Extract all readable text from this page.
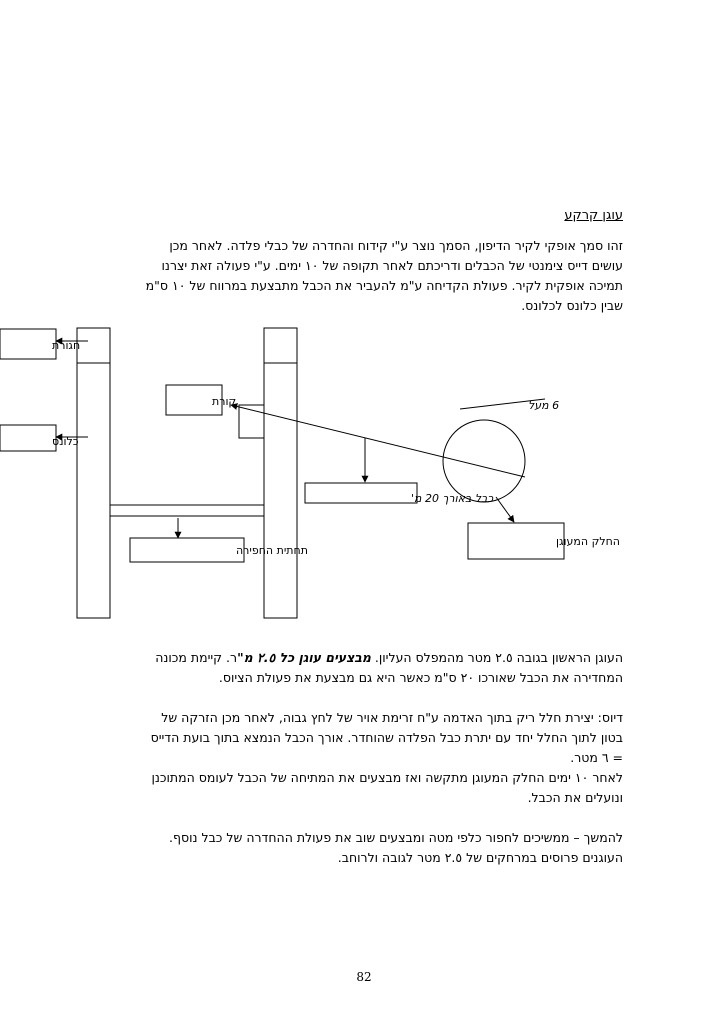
עוגן קרקע
זהו סמך אופקי לקיר הדיפון, הסמך נוצר ע"י קידוח והחדרה של כבלי פלדה. לאחר מכן
עושים דייס צימנטי של הכבלים ודריכתם לאחר תקופה של ١٠ ימים. ע"י פעולה זאת יצרנו
תמיכה אופקית לקיר. פעולת הקדיחה ע"מ להעביר את הכבל מתבצעת במרווח של ١٠ ס"מ
שבין כלונס לכלונס.
חגורת
כלונס
קורת
כבל באורך 20 מ'
תחתית החפירה
החלק המעוגן
6 מעל
העוגן הראשון בגובה ٢.٥ מטר מהמפלס העליון. מבצעים עוגן כל ٢.٥ מ"ר. קיימת מכונה
המחדירה את הכבל שאורכו ٢٠ ס"מ כאשר היא גם מבצעת את פעולת הציוס.
דיוס: יצירת חלל ריק בתוך האדמה ע"ח זרימת אויר של לחץ גבוה, לאחר מכן הזרקה של
בטון לתוך החלל יחד עם יתרת כבל הפלדה שהוחדר. אורך הכבל הנמצא בתוך בועת הדייס
= ٦ מטר.
לאחר ١٠ ימים החלק המעוגן מתקשה ואז מבצעים את המתיחה של הכבל לעומס המתוכנן
ונועלים את הכבל.
להמשך – ממשיכים לחפור כלפי מטה ומבצעים שוב את פעולת ההחדרה של כבל נוסף.
העוגנים פרוסים במרחקים של ٢.٥ מטר לגובה ולרוחב.
82
